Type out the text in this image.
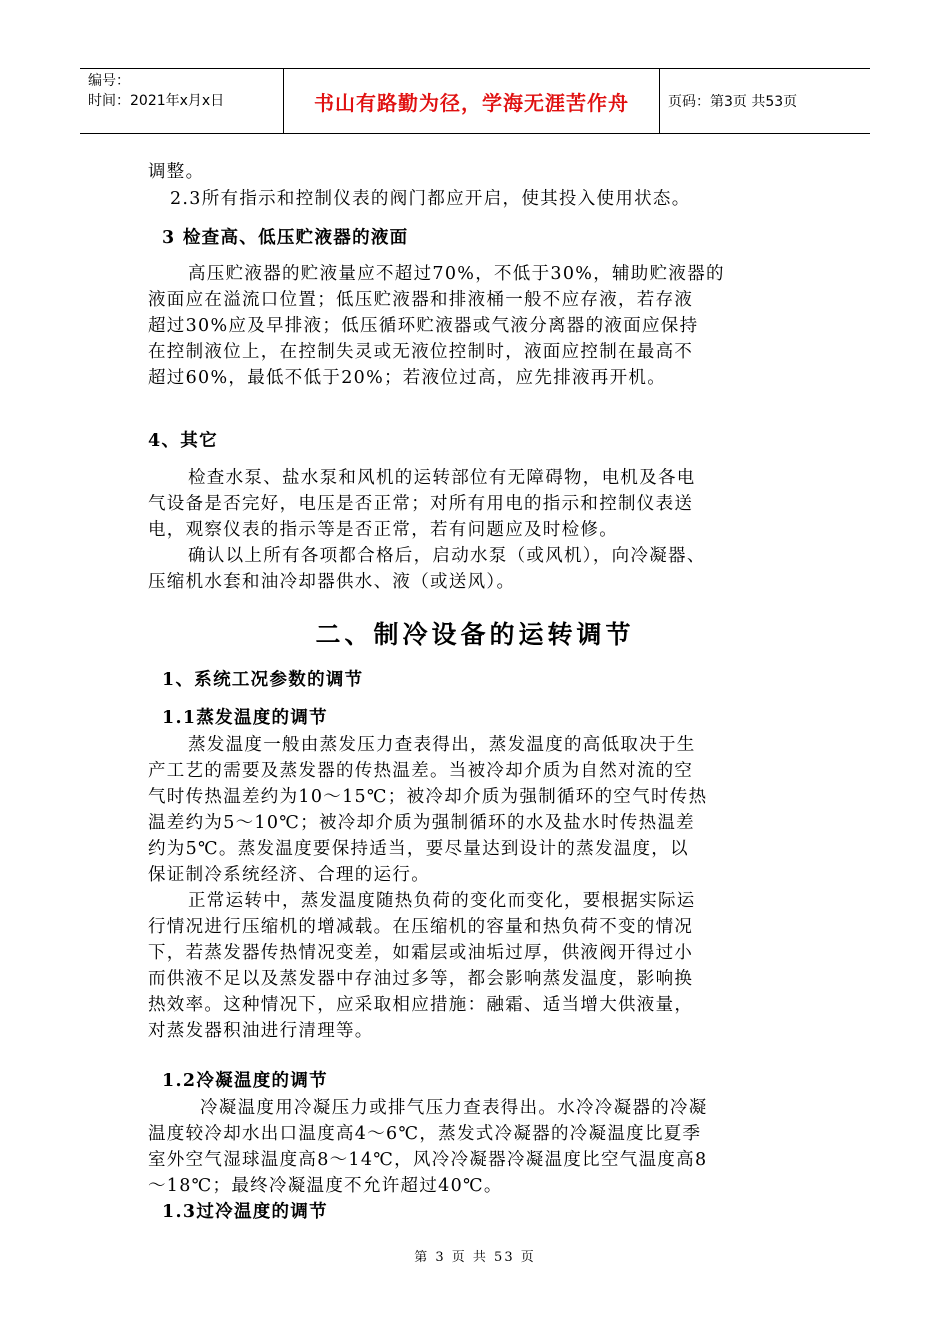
编号：
时间：2021年x月x日	书山有路勤为径，学海无涯苦作舟	页码：第3页 共53页
调整。
2.3所有指示和控制仪表的阀门都应开启，使其投入使用状态。
3 检查高、低压贮液器的液面
高压贮液器的贮液量应不超过70%，不低于30%，辅助贮液器的
液面应在溢流口位置；低压贮液器和排液桶一般不应存液，若存液
超过30%应及早排液；低压循环贮液器或气液分离器的液面应保持
在控制液位上，在控制失灵或无液位控制时，液面应控制在最高不
超过60%，最低不低于20%；若液位过高，应先排液再开机。
4、其它
检查水泵、盐水泵和风机的运转部位有无障碍物，电机及各电
气设备是否完好，电压是否正常；对所有用电的指示和控制仪表送
电，观察仪表的指示等是否正常，若有问题应及时检修。
确认以上所有各项都合格后，启动水泵（或风机），向冷凝器、
压缩机水套和油冷却器供水、液（或送风）。
二、制冷设备的运转调节
1、系统工况参数的调节
1.1蒸发温度的调节
蒸发温度一般由蒸发压力查表得出，蒸发温度的高低取决于生
产工艺的需要及蒸发器的传热温差。当被冷却介质为自然对流的空
气时传热温差约为10～15℃；被冷却介质为强制循环的空气时传热
温差约为5～10℃；被冷却介质为强制循环的水及盐水时传热温差
约为5℃。蒸发温度要保持适当，要尽量达到设计的蒸发温度，以
保证制冷系统经济、合理的运行。
正常运转中，蒸发温度随热负荷的变化而变化，要根据实际运
行情况进行压缩机的增减载。在压缩机的容量和热负荷不变的情况
下，若蒸发器传热情况变差，如霜层或油垢过厚，供液阀开得过小
而供液不足以及蒸发器中存油过多等，都会影响蒸发温度，影响换
热效率。这种情况下，应采取相应措施：融霜、适当增大供液量，
对蒸发器积油进行清理等。
1.2冷凝温度的调节
冷凝温度用冷凝压力或排气压力查表得出。水冷冷凝器的冷凝
温度较冷却水出口温度高4～6℃，蒸发式冷凝器的冷凝温度比夏季
室外空气湿球温度高8～14℃，风冷冷凝器冷凝温度比空气温度高8
～18℃；最终冷凝温度不允许超过40℃。
1.3过冷温度的调节
第 3 页 共 53 页
